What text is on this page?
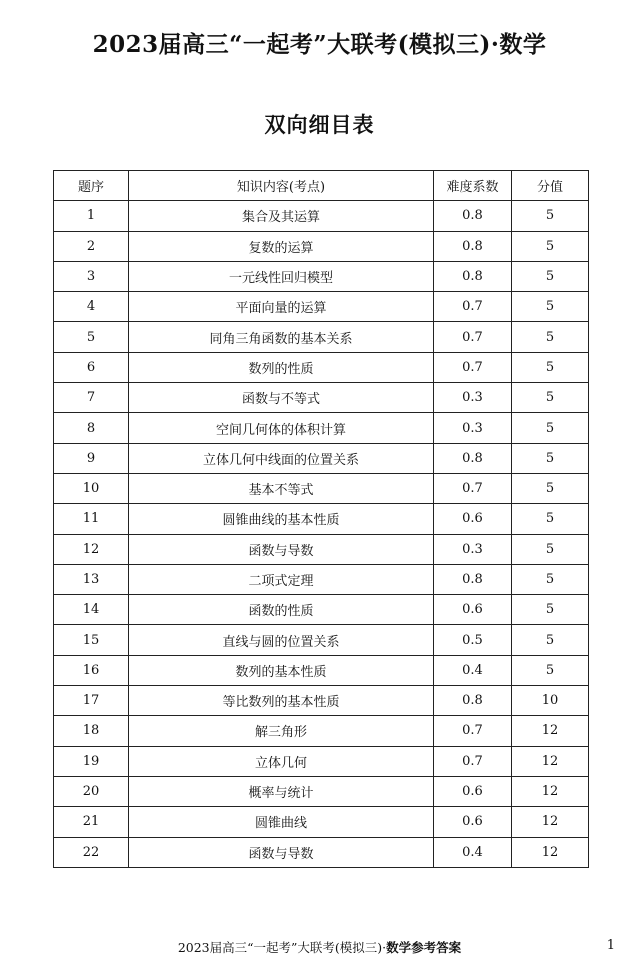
2023届高三“一起考”大联考(模拟三)·数学
双向细目表
题序	知识内容(考点)	难度系数	分值
1	集合及其运算	0.8	5
2	复数的运算	0.8	5
3	一元线性回归模型	0.8	5
4	平面向量的运算	0.7	5
5	同角三角函数的基本关系	0.7	5
6	数列的性质	0.7	5
7	函数与不等式	0.3	5
8	空间几何体的体积计算	0.3	5
9	立体几何中线面的位置关系	0.8	5
10	基本不等式	0.7	5
11	圆锥曲线的基本性质	0.6	5
12	函数与导数	0.3	5
13	二项式定理	0.8	5
14	函数的性质	0.6	5
15	直线与圆的位置关系	0.5	5
16	数列的基本性质	0.4	5
17	等比数列的基本性质	0.8	10
18	解三角形	0.7	12
19	立体几何	0.7	12
20	概率与统计	0.6	12
21	圆锥曲线	0.6	12
22	函数与导数	0.4	12
2023届高三“一起考”大联考(模拟三)·数学参考答案	1
